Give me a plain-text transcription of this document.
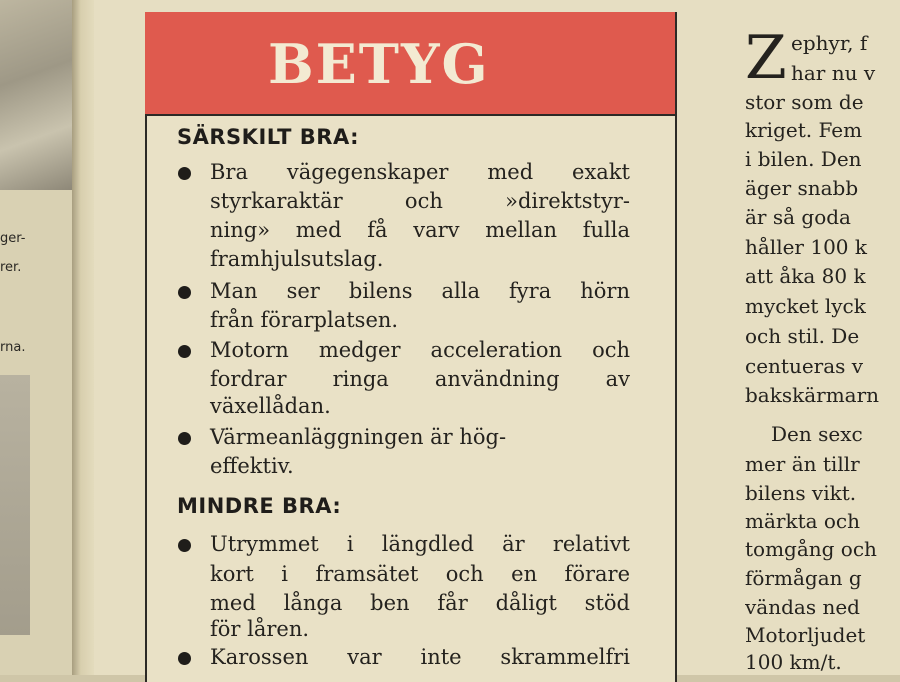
ger-
rer.
rna.
BETYG
SÄRSKILT BRA:
Bra vägegenskaper med exakt
styrkaraktär och »direktstyr-
ning» med få varv mellan fulla
framhjulsutslag.
Man ser bilens alla fyra hörn
från förarplatsen.
Motorn medger acceleration och
fordrar ringa användning av
växellådan.
Värmeanläggningen är hög-
effektiv.
MINDRE BRA:
Utrymmet i längdled är relativt
kort i framsätet och en förare
med långa ben får dåligt stöd
för låren.
Karossen var inte skrammelfri
Z ephyr, f
har nu v
stor som de
kriget. Fem
i bilen. Den
äger snabb
är så goda
håller 100 k
att åka 80 k
mycket lyck
och stil. De
centueras v
bakskärmarn
Den sexc
mer än tillr
bilens vikt.
märkta och
tomgång och
förmågan g
vändas ned
Motorljudet
100 km/t.
